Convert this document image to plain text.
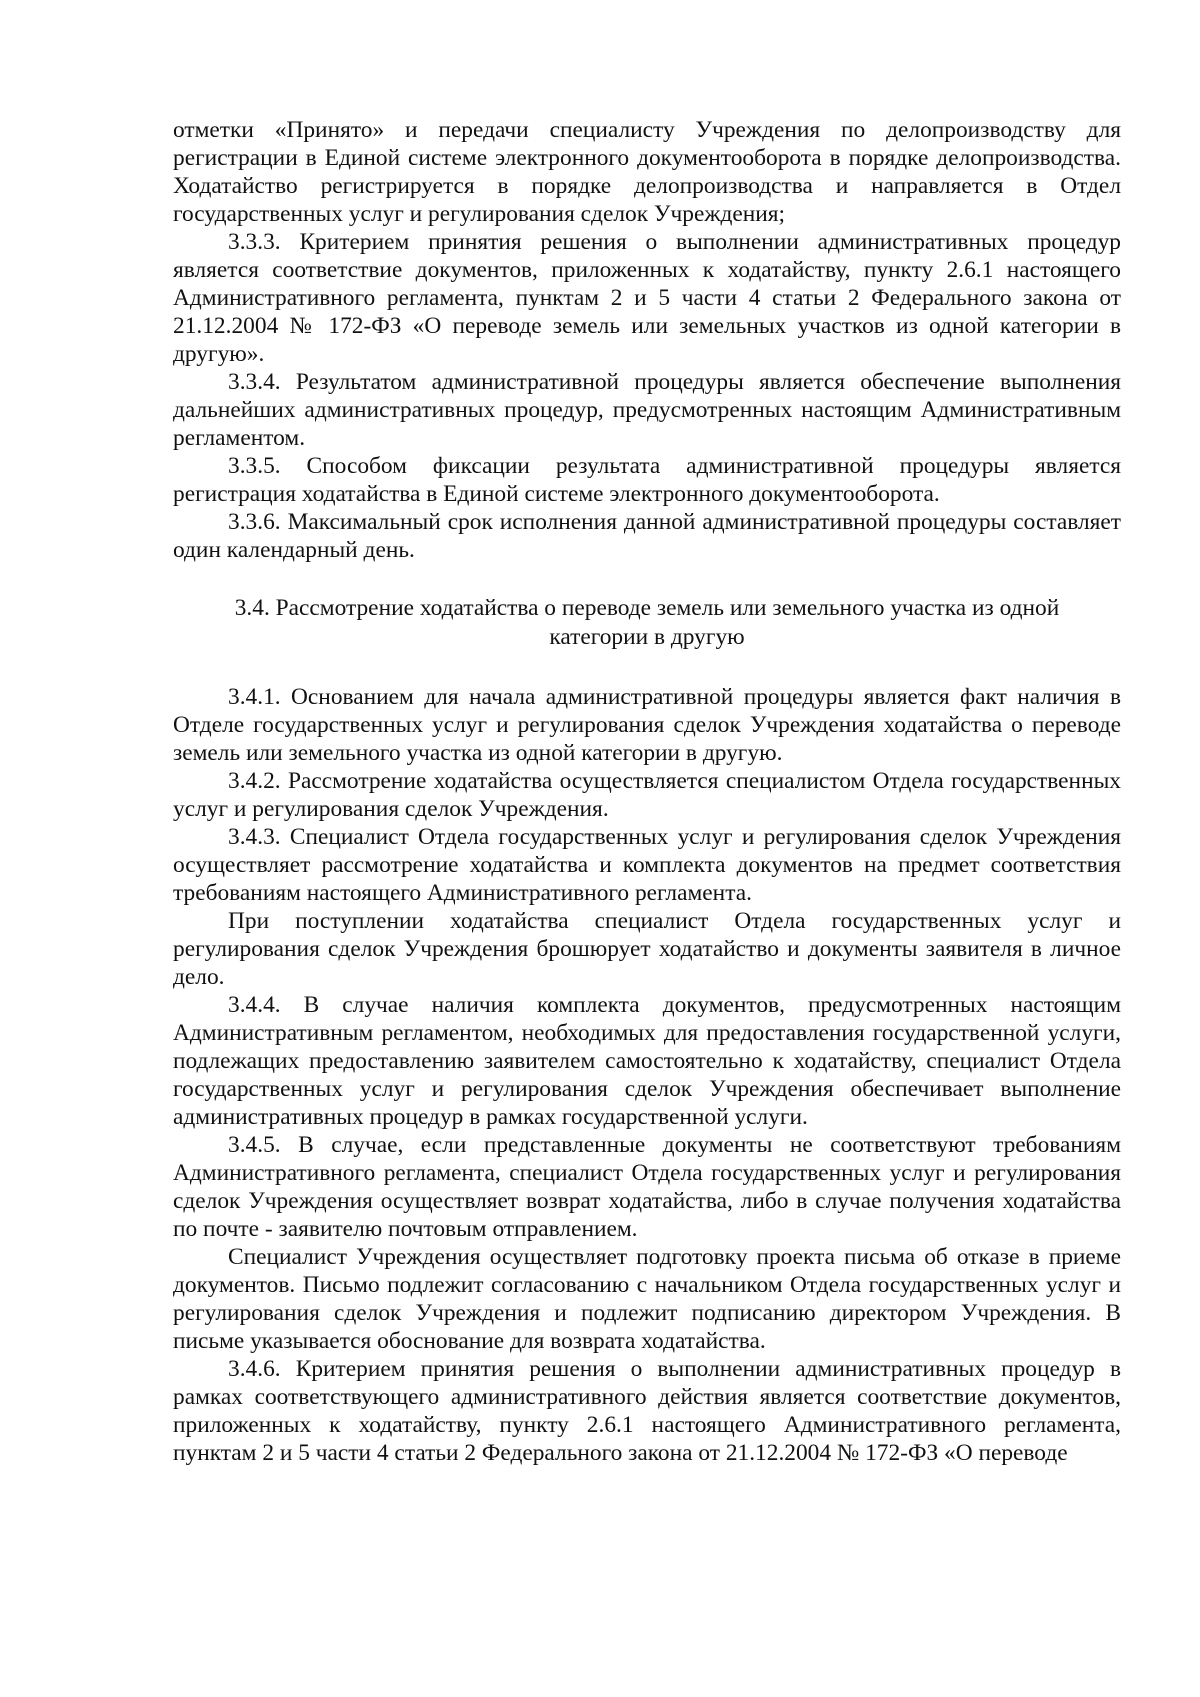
отметки «Принято» и передачи специалисту Учреждения по делопроизводству для регистрации в Единой системе электронного документооборота в порядке делопроизводства. Ходатайство регистрируется в порядке делопроизводства и направляется в Отдел государственных услуг и регулирования сделок Учреждения;

3.3.3. Критерием принятия решения о выполнении административных процедур является соответствие документов, приложенных к ходатайству, пункту 2.6.1 настоящего Административного регламента, пунктам 2 и 5 части 4 статьи 2 Федерального закона от 21.12.2004 № 172-ФЗ «О переводе земель или земельных участков из одной категории в другую».

3.3.4. Результатом административной процедуры является обеспечение выполнения дальнейших административных процедур, предусмотренных настоящим Административным регламентом.

3.3.5. Способом фиксации результата административной процедуры является регистрация ходатайства в Единой системе электронного документооборота.

3.3.6. Максимальный срок исполнения данной административной процедуры составляет один календарный день.

3.4. Рассмотрение ходатайства о переводе земель или земельного участка из одной категории в другую

3.4.1. Основанием для начала административной процедуры является факт наличия в Отделе государственных услуг и регулирования сделок Учреждения ходатайства о переводе земель или земельного участка из одной категории в другую.

3.4.2. Рассмотрение ходатайства осуществляется специалистом Отдела государственных услуг и регулирования сделок Учреждения.

3.4.3. Специалист Отдела государственных услуг и регулирования сделок Учреждения осуществляет рассмотрение ходатайства и комплекта документов на предмет соответствия требованиям настоящего Административного регламента.

При поступлении ходатайства специалист Отдела государственных услуг и регулирования сделок Учреждения брошюрует ходатайство и документы заявителя в личное дело.

3.4.4. В случае наличия комплекта документов, предусмотренных настоящим Административным регламентом, необходимых для предоставления государственной услуги, подлежащих предоставлению заявителем самостоятельно к ходатайству, специалист Отдела государственных услуг и регулирования сделок Учреждения обеспечивает выполнение административных процедур в рамках государственной услуги.

3.4.5. В случае, если представленные документы не соответствуют требованиям Административного регламента, специалист Отдела государственных услуг и регулирования сделок Учреждения осуществляет возврат ходатайства, либо в случае получения ходатайства по почте - заявителю почтовым отправлением.

Специалист Учреждения осуществляет подготовку проекта письма об отказе в приеме документов. Письмо подлежит согласованию с начальником Отдела государственных услуг и регулирования сделок Учреждения и подлежит подписанию директором Учреждения. В письме указывается обоснование для возврата ходатайства.

3.4.6. Критерием принятия решения о выполнении административных процедур в рамках соответствующего административного действия является соответствие документов, приложенных к ходатайству, пункту 2.6.1 настоящего Административного регламента, пунктам 2 и 5 части 4 статьи 2 Федерального закона от 21.12.2004 № 172-ФЗ «О переводе
